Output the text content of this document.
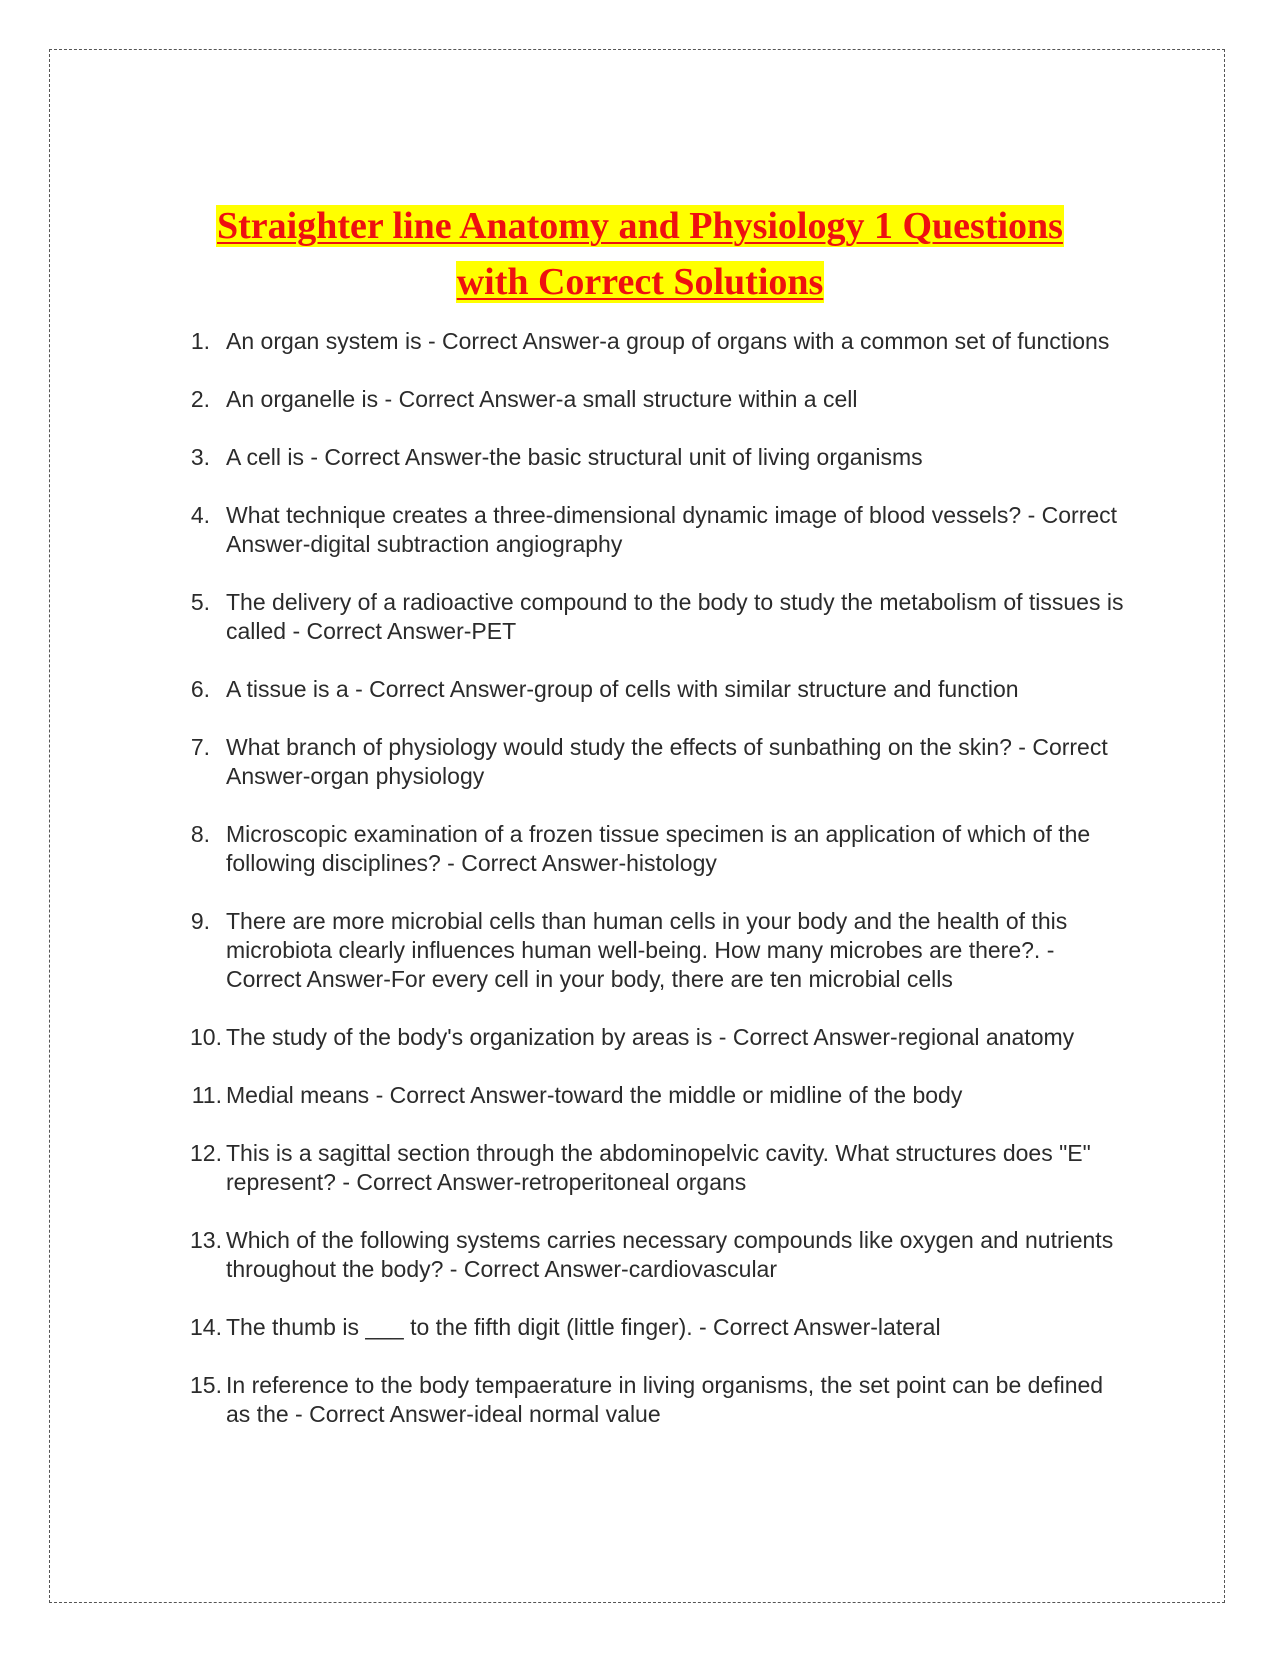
Straighter line Anatomy and Physiology 1 Questions
with Correct Solutions
1. An organ system is - Correct Answer-a group of organs with a common set of functions
2. An organelle is - Correct Answer-a small structure within a cell
3. A cell is - Correct Answer-the basic structural unit of living organisms
4. What technique creates a three-dimensional dynamic image of blood vessels? - Correct Answer-digital subtraction angiography
5. The delivery of a radioactive compound to the body to study the metabolism of tissues is called - Correct Answer-PET
6. A tissue is a - Correct Answer-group of cells with similar structure and function
7. What branch of physiology would study the effects of sunbathing on the skin? - Correct Answer-organ physiology
8. Microscopic examination of a frozen tissue specimen is an application of which of the following disciplines? - Correct Answer-histology
9. There are more microbial cells than human cells in your body and the health of this microbiota clearly influences human well-being. How many microbes are there?. - Correct Answer-For every cell in your body, there are ten microbial cells
10. The study of the body's organization by areas is - Correct Answer-regional anatomy
11. Medial means - Correct Answer-toward the middle or midline of the body
12. This is a sagittal section through the abdominopelvic cavity. What structures does "E" represent? - Correct Answer-retroperitoneal organs
13. Which of the following systems carries necessary compounds like oxygen and nutrients throughout the body? - Correct Answer-cardiovascular
14. The thumb is ___ to the fifth digit (little finger). - Correct Answer-lateral
15. In reference to the body tempaerature in living organisms, the set point can be defined as the - Correct Answer-ideal normal value
